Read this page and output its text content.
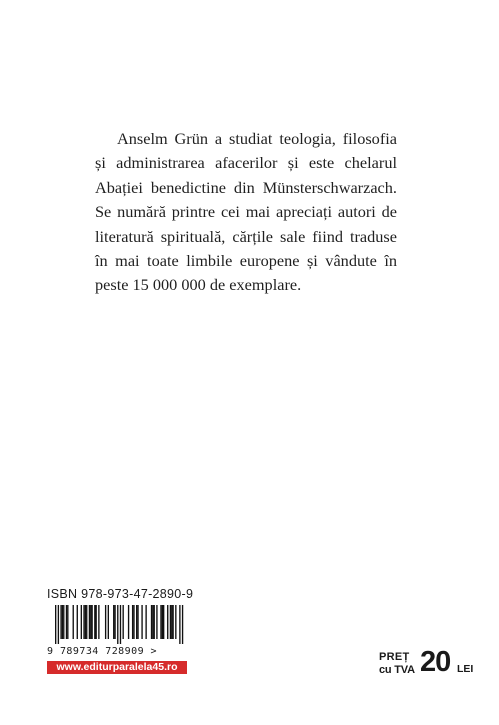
Anselm Grün a studiat teologia, filosofia
și administrarea afacerilor și este chelarul
Abației benedictine din Münsterschwarzach.
Se numără printre cei mai apreciați autori de
literatură spirituală, cărțile sale fiind traduse
în mai toate limbile europene și vândute în
peste 15 000 000 de exemplare.
ISBN 978-973-47-2890-9
9 789734 728909 >
www.editurparalela45.ro
PREȚ
cu TVA 20 LEI
